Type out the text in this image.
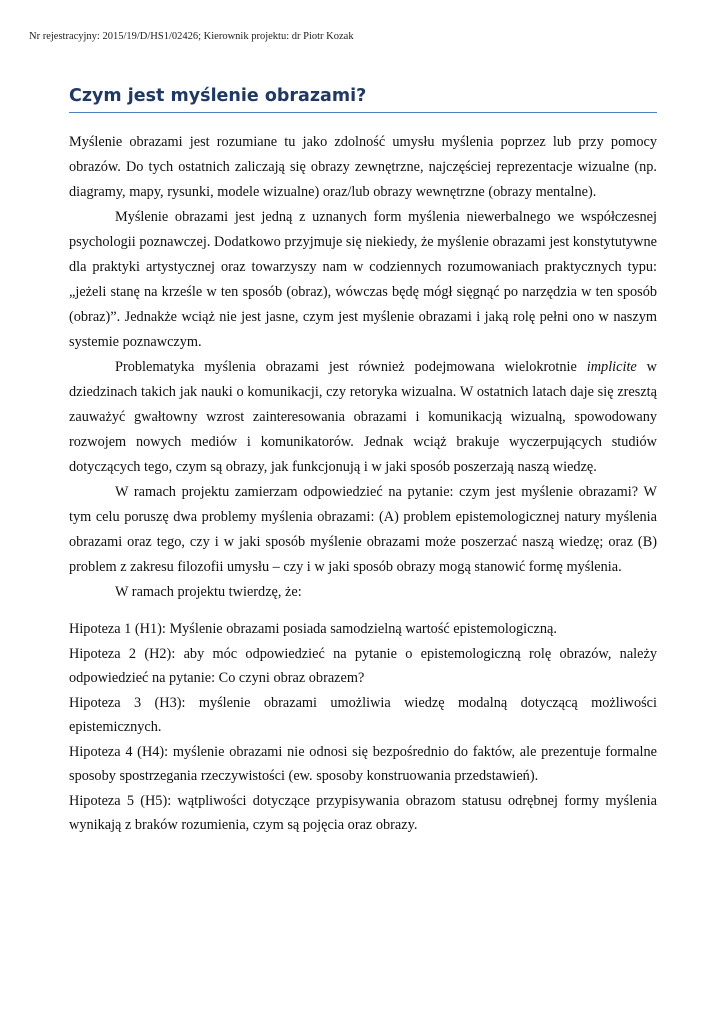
Nr rejestracyjny: 2015/19/D/HS1/02426; Kierownik projektu: dr Piotr Kozak
Czym jest myślenie obrazami?

Myślenie obrazami jest rozumiane tu jako zdolność umysłu myślenia poprzez lub przy pomocy obrazów. Do tych ostatnich zaliczają się obrazy zewnętrzne, najczęściej reprezentacje wizualne (np. diagramy, mapy, rysunki, modele wizualne) oraz/lub obrazy wewnętrzne (obrazy mentalne).

Myślenie obrazami jest jedną z uznanych form myślenia niewerbalnego we współczesnej psychologii poznawczej. Dodatkowo przyjmuje się niekiedy, że myślenie obrazami jest konstytutywne dla praktyki artystycznej oraz towarzyszy nam w codziennych rozumowaniach praktycznych typu: „jeżeli stanę na krześle w ten sposób (obraz), wówczas będę mógł sięgnąć po narzędzia w ten sposób (obraz)”. Jednakże wciąż nie jest jasne, czym jest myślenie obrazami i jaką rolę pełni ono w naszym systemie poznawczym.

Problematyka myślenia obrazami jest również podejmowana wielokrotnie implicite w dziedzinach takich jak nauki o komunikacji, czy retoryka wizualna. W ostatnich latach daje się zresztą zauważyć gwałtowny wzrost zainteresowania obrazami i komunikacją wizualną, spowodowany rozwojem nowych mediów i komunikatorów. Jednak wciąż brakuje wyczerpujących studiów dotyczących tego, czym są obrazy, jak funkcjonują i w jaki sposób poszerzają naszą wiedzę.

W ramach projektu zamierzam odpowiedzieć na pytanie: czym jest myślenie obrazami? W tym celu poruszę dwa problemy myślenia obrazami: (A) problem epistemologicznej natury myślenia obrazami oraz tego, czy i w jaki sposób myślenie obrazami może poszerzać naszą wiedzę; oraz (B) problem z zakresu filozofii umysłu – czy i w jaki sposób obrazy mogą stanowić formę myślenia.

W ramach projektu twierdzę, że:

Hipoteza 1 (H1): Myślenie obrazami posiada samodzielną wartość epistemologiczną.

Hipoteza 2 (H2): aby móc odpowiedzieć na pytanie o epistemologiczną rolę obrazów, należy odpowiedzieć na pytanie: Co czyni obraz obrazem?

Hipoteza 3 (H3): myślenie obrazami umożliwia wiedzę modalną dotyczącą możliwości epistemicznych.

Hipoteza 4 (H4): myślenie obrazami nie odnosi się bezpośrednio do faktów, ale prezentuje formalne sposoby spostrzegania rzeczywistości (ew. sposoby konstruowania przedstawień).

Hipoteza 5 (H5): wątpliwości dotyczące przypisywania obrazom statusu odrębnej formy myślenia wynikają z braków rozumienia, czym są pojęcia oraz obrazy.
